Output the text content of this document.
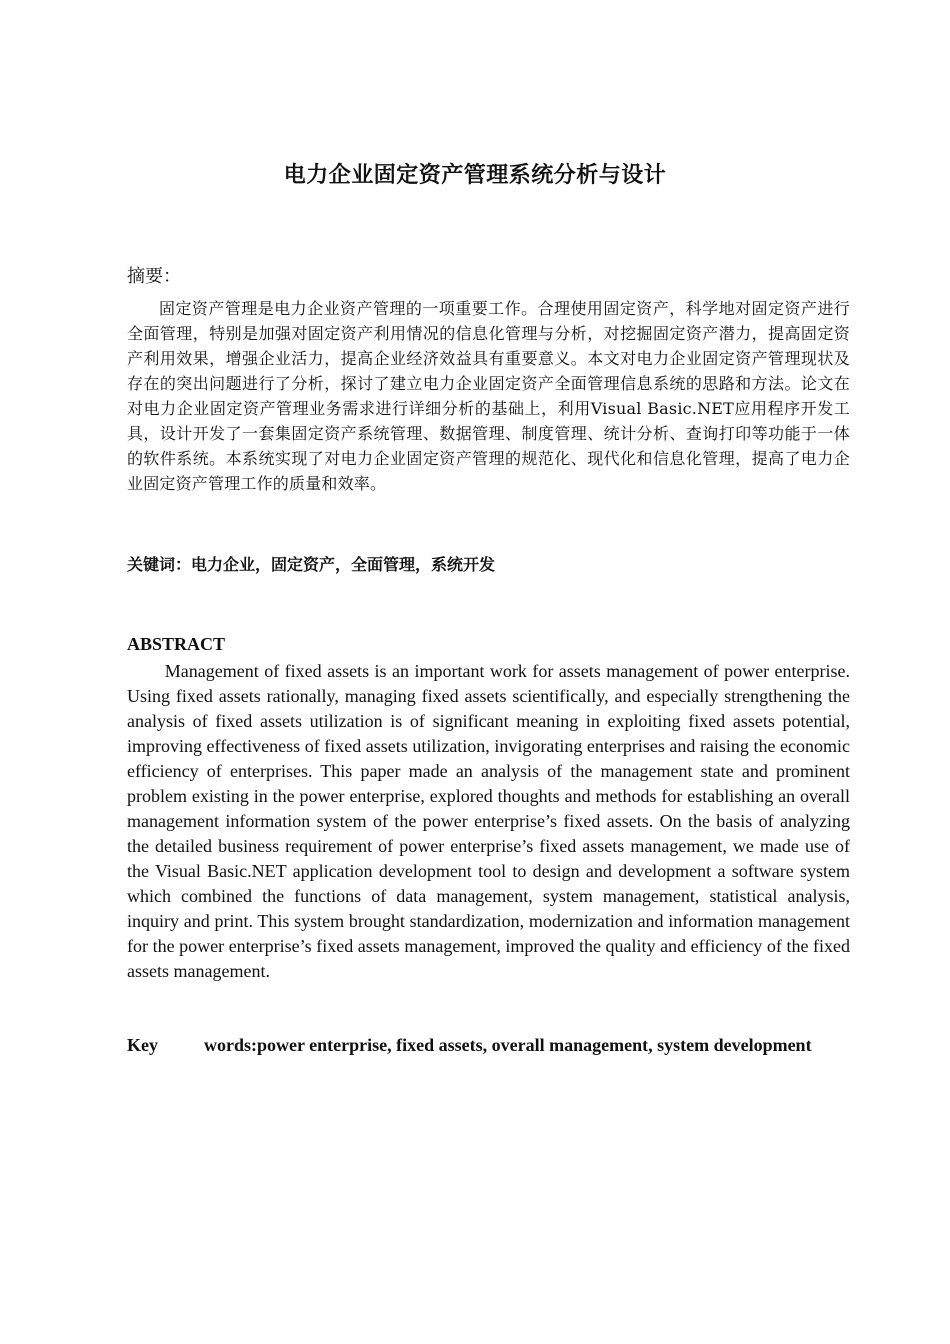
电力企业固定资产管理系统分析与设计
摘要：
固定资产管理是电力企业资产管理的一项重要工作。合理使用固定资产，科学地对固定资产进行全面管理，特别是加强对固定资产利用情况的信息化管理与分析，对挖掘固定资产潜力，提高固定资产利用效果，增强企业活力，提高企业经济效益具有重要意义。本文对电力企业固定资产管理现状及存在的突出问题进行了分析，探讨了建立电力企业固定资产全面管理信息系统的思路和方法。论文在对电力企业固定资产管理业务需求进行详细分析的基础上，利用Visual Basic.NET应用程序开发工具，设计开发了一套集固定资产系统管理、数据管理、制度管理、统计分析、查询打印等功能于一体的软件系统。本系统实现了对电力企业固定资产管理的规范化、现代化和信息化管理，提高了电力企业固定资产管理工作的质量和效率。
关键词：电力企业，固定资产，全面管理，系统开发
ABSTRACT
Management of fixed assets is an important work for assets management of power enterprise. Using fixed assets rationally, managing fixed assets scientifically, and especially strengthening the analysis of fixed assets utilization is of significant meaning in exploiting fixed assets potential, improving effectiveness of fixed assets utilization, invigorating enterprises and raising the economic efficiency of enterprises. This paper made an analysis of the management state and prominent problem existing in the power enterprise, explored thoughts and methods for establishing an overall management information system of the power enterprise’s fixed assets. On the basis of analyzing the detailed business requirement of power enterprise’s fixed assets management, we made use of the Visual Basic.NET application development tool to design and development a software system which combined the functions of data management, system management, statistical analysis, inquiry and print. This system brought standardization, modernization and information management for the power enterprise’s fixed assets management, improved the quality and efficiency of the fixed assets management.
Key words: power enterprise, fixed assets, overall management, system development
